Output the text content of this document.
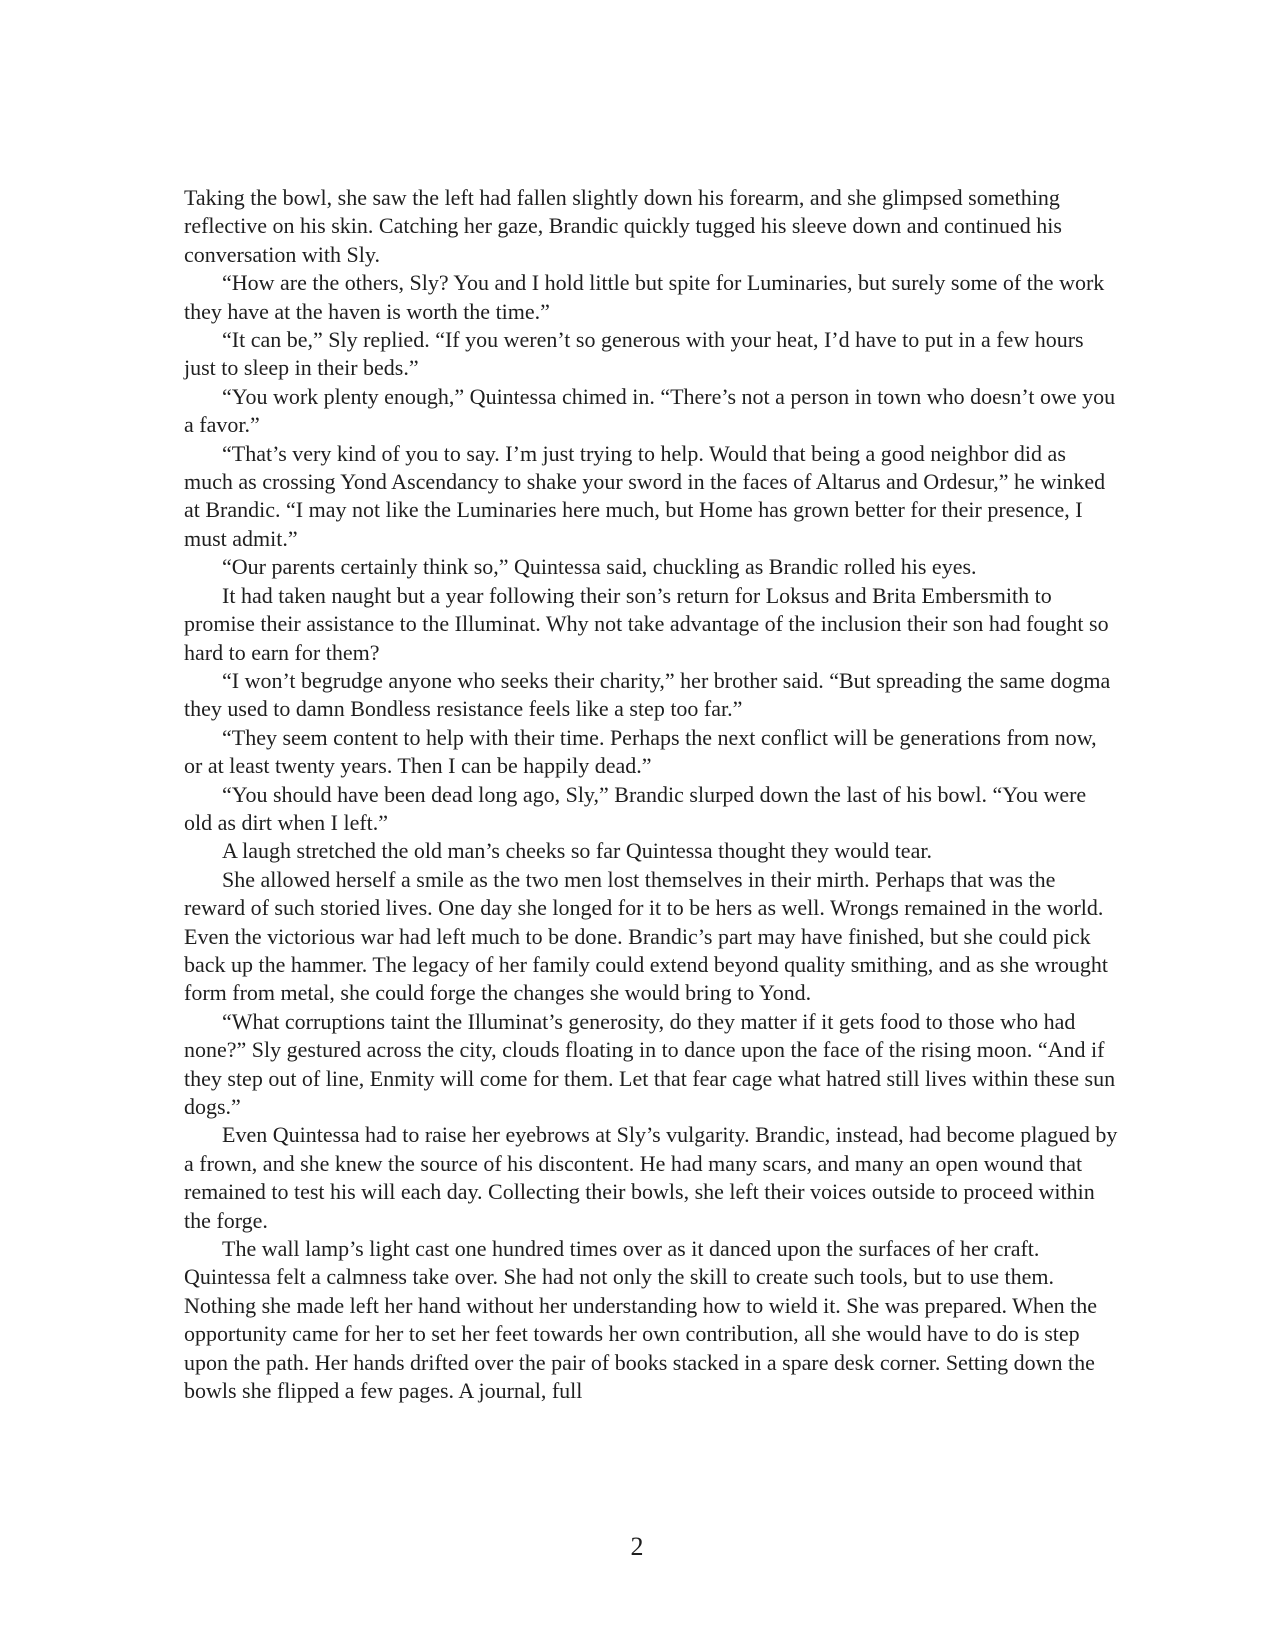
Taking the bowl, she saw the left had fallen slightly down his forearm, and she glimpsed something reflective on his skin. Catching her gaze, Brandic quickly tugged his sleeve down and continued his conversation with Sly.

“How are the others, Sly? You and I hold little but spite for Luminaries, but surely some of the work they have at the haven is worth the time.”

“It can be,” Sly replied. “If you weren’t so generous with your heat, I’d have to put in a few hours just to sleep in their beds.”

“You work plenty enough,” Quintessa chimed in. “There’s not a person in town who doesn’t owe you a favor.”

“That’s very kind of you to say. I’m just trying to help. Would that being a good neighbor did as much as crossing Yond Ascendancy to shake your sword in the faces of Altarus and Ordesur,” he winked at Brandic. “I may not like the Luminaries here much, but Home has grown better for their presence, I must admit.”

“Our parents certainly think so,” Quintessa said, chuckling as Brandic rolled his eyes.

It had taken naught but a year following their son’s return for Loksus and Brita Embersmith to promise their assistance to the Illuminat. Why not take advantage of the inclusion their son had fought so hard to earn for them?

“I won’t begrudge anyone who seeks their charity,” her brother said. “But spreading the same dogma they used to damn Bondless resistance feels like a step too far.”

“They seem content to help with their time. Perhaps the next conflict will be generations from now, or at least twenty years. Then I can be happily dead.”

“You should have been dead long ago, Sly,” Brandic slurped down the last of his bowl. “You were old as dirt when I left.”

A laugh stretched the old man’s cheeks so far Quintessa thought they would tear.

She allowed herself a smile as the two men lost themselves in their mirth. Perhaps that was the reward of such storied lives. One day she longed for it to be hers as well. Wrongs remained in the world. Even the victorious war had left much to be done. Brandic’s part may have finished, but she could pick back up the hammer. The legacy of her family could extend beyond quality smithing, and as she wrought form from metal, she could forge the changes she would bring to Yond.

“What corruptions taint the Illuminat’s generosity, do they matter if it gets food to those who had none?” Sly gestured across the city, clouds floating in to dance upon the face of the rising moon. “And if they step out of line, Enmity will come for them. Let that fear cage what hatred still lives within these sun dogs.”

Even Quintessa had to raise her eyebrows at Sly’s vulgarity. Brandic, instead, had become plagued by a frown, and she knew the source of his discontent. He had many scars, and many an open wound that remained to test his will each day. Collecting their bowls, she left their voices outside to proceed within the forge.

The wall lamp’s light cast one hundred times over as it danced upon the surfaces of her craft. Quintessa felt a calmness take over. She had not only the skill to create such tools, but to use them. Nothing she made left her hand without her understanding how to wield it. She was prepared. When the opportunity came for her to set her feet towards her own contribution, all she would have to do is step upon the path. Her hands drifted over the pair of books stacked in a spare desk corner. Setting down the bowls she flipped a few pages. A journal, full

2
